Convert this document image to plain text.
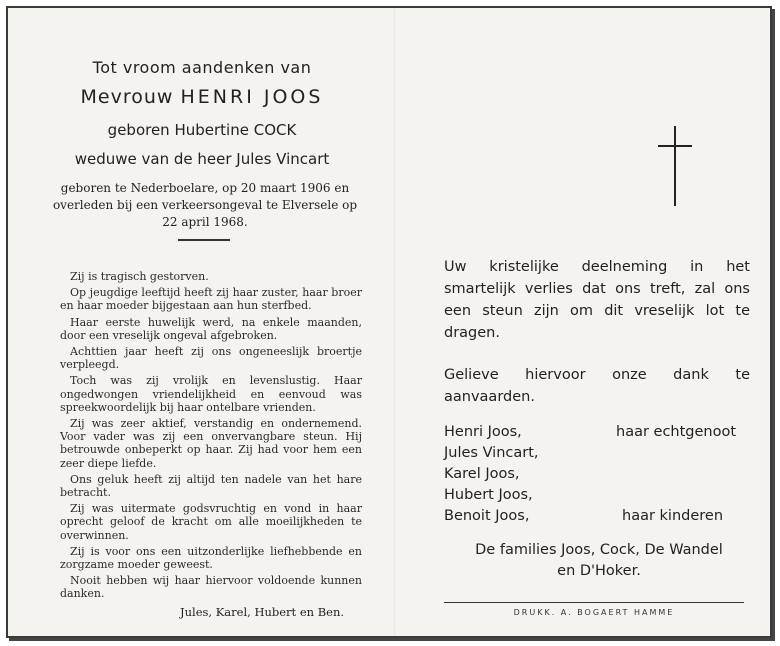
Tot vroom aandenken van
Mevrouw HENRI JOOS
geboren Hubertine COCK
weduwe van de heer Jules Vincart
geboren te Nederboelare, op 20 maart 1906 en overleden bij een verkeersongeval te Elversele op 22 april 1968.

Zij is tragisch gestorven.

Op jeugdige leeftijd heeft zij haar zuster, haar broer en haar moeder bijgestaan aan hun sterfbed.

Haar eerste huwelijk werd, na enkele maanden, door een vreselijk ongeval afgebroken.

Achttien jaar heeft zij ons ongeneeslijk broertje verpleegd.

Toch was zij vrolijk en levenslustig. Haar ongedwongen vriendelijkheid en eenvoud was spreekwoordelijk bij haar ontelbare vrienden.

Zij was zeer aktief, verstandig en ondernemend. Voor vader was zij een onvervangbare steun. Hij betrouwde onbeperkt op haar. Zij had voor hem een zeer diepe liefde.

Ons geluk heeft zij altijd ten nadele van het hare betracht.

Zij was uitermate godsvruchtig en vond in haar oprecht geloof de kracht om alle moeilijkheden te overwinnen.

Zij is voor ons een uitzonderlijke liefhebbende en zorgzame moeder geweest.

Nooit hebben wij haar hiervoor voldoende kunnen danken.

Jules, Karel, Hubert en Ben.
Uw kristelijke deelneming in het smartelijk verlies dat ons treft, zal ons een steun zijn om dit vreselijk lot te dragen.
Gelieve hiervoor onze dank te aanvaarden.
Henri Joos,	haar echtgenoot
Jules Vincart,
Karel Joos,
Hubert Joos,
Benoit Joos,	haar kinderen
De families Joos, Cock, De Wandel
en D'Hoker.
DRUKK. A. BOGAERT HAMME
